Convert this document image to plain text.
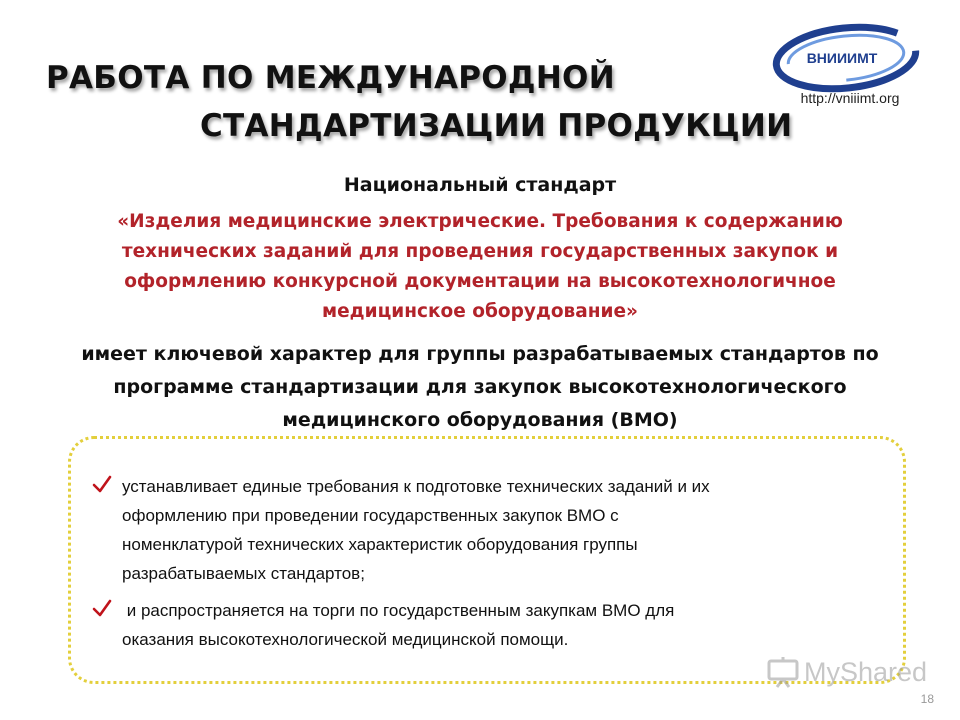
РАБОТА ПО МЕЖДУНАРОДНОЙ
СТАНДАРТИЗАЦИИ ПРОДУКЦИИ
ВНИИИМТ
http://vniiimt.org
Национальный стандарт
«Изделия медицинские электрические. Требования к содержанию
технических заданий для проведения государственных закупок и
оформлению конкурсной документации на высокотехнологичное
медицинское оборудование»
имеет ключевой характер для группы разрабатываемых стандартов по
программе стандартизации для закупок высокотехнологического
медицинского оборудования (ВМО)
устанавливает единые требования к подготовке технических заданий и их
оформлению при проведении государственных закупок ВМО с
номенклатурой технических характеристик оборудования группы
разрабатываемых стандартов;
и распространяется на торги по государственным закупкам ВМО для
оказания высокотехнологической медицинской помощи.
MyShared
18
